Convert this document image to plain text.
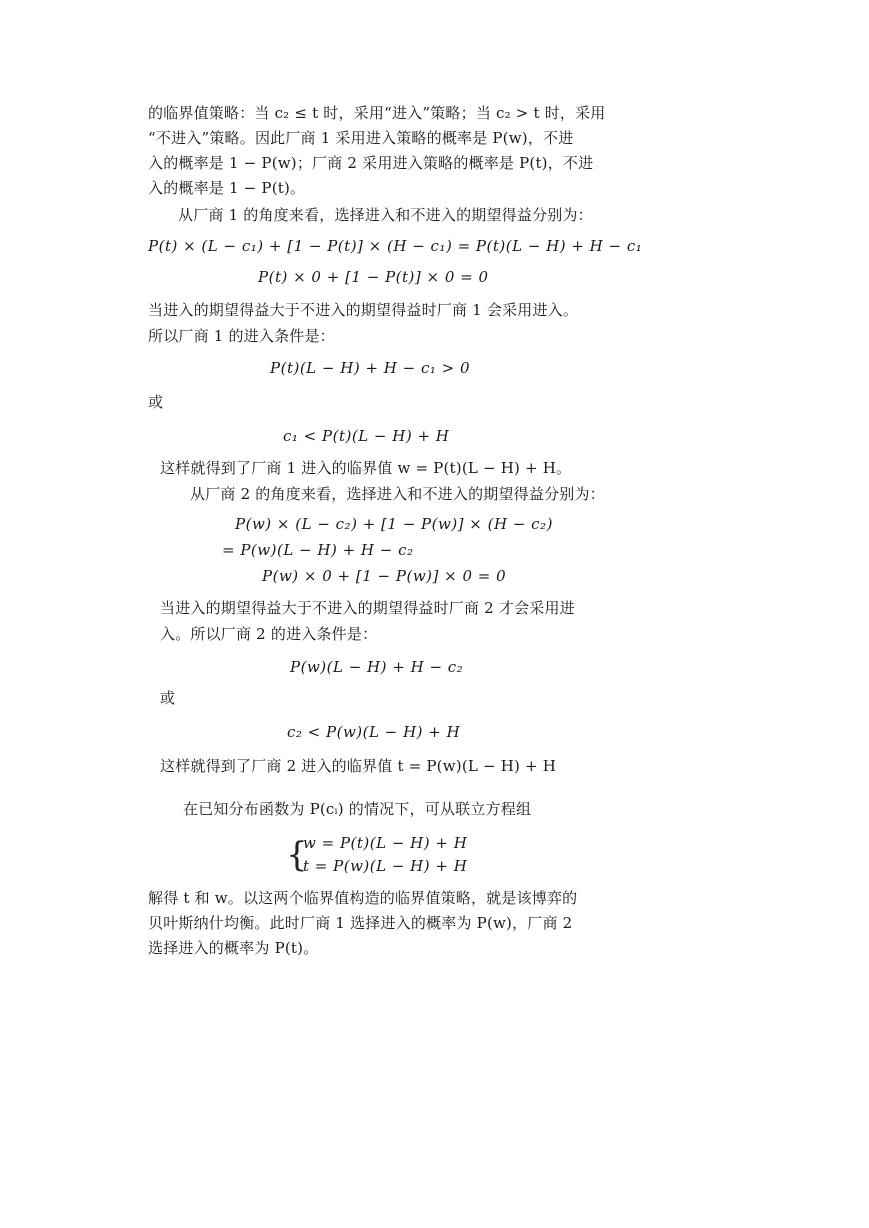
的临界值策略：当 c₂ ≤ t 时，采用“进入”策略；当 c₂ > t 时，采用
“不进入”策略。因此厂商 1 采用进入策略的概率是 P(w)，不进
入的概率是 1 − P(w)；厂商 2 采用进入策略的概率是 P(t)，不进
入的概率是 1 − P(t)。
从厂商 1 的角度来看，选择进入和不进入的期望得益分别为：
P(t) × (L − c₁) + [1 − P(t)] × (H − c₁) = P(t)(L − H) + H − c₁
P(t) × 0 + [1 − P(t)] × 0 = 0
当进入的期望得益大于不进入的期望得益时厂商 1 会采用进入。
所以厂商 1 的进入条件是：
P(t)(L − H) + H − c₁ > 0
或
c₁ < P(t)(L − H) + H
这样就得到了厂商 1 进入的临界值 w = P(t)(L − H) + H。
从厂商 2 的角度来看，选择进入和不进入的期望得益分别为：
P(w) × (L − c₂) + [1 − P(w)] × (H − c₂)
= P(w)(L − H) + H − c₂
P(w) × 0 + [1 − P(w)] × 0 = 0
当进入的期望得益大于不进入的期望得益时厂商 2 才会采用进
入。所以厂商 2 的进入条件是：
P(w)(L − H) + H − c₂
或
c₂ < P(w)(L − H) + H
这样就得到了厂商 2 进入的临界值 t = P(w)(L − H) + H
在已知分布函数为 P(cᵢ) 的情况下，可从联立方程组
{
w = P(t)(L − H) + H
t = P(w)(L − H) + H
解得 t 和 w。以这两个临界值构造的临界值策略，就是该博弈的
贝叶斯纳什均衡。此时厂商 1 选择进入的概率为 P(w)，厂商 2
选择进入的概率为 P(t)。
